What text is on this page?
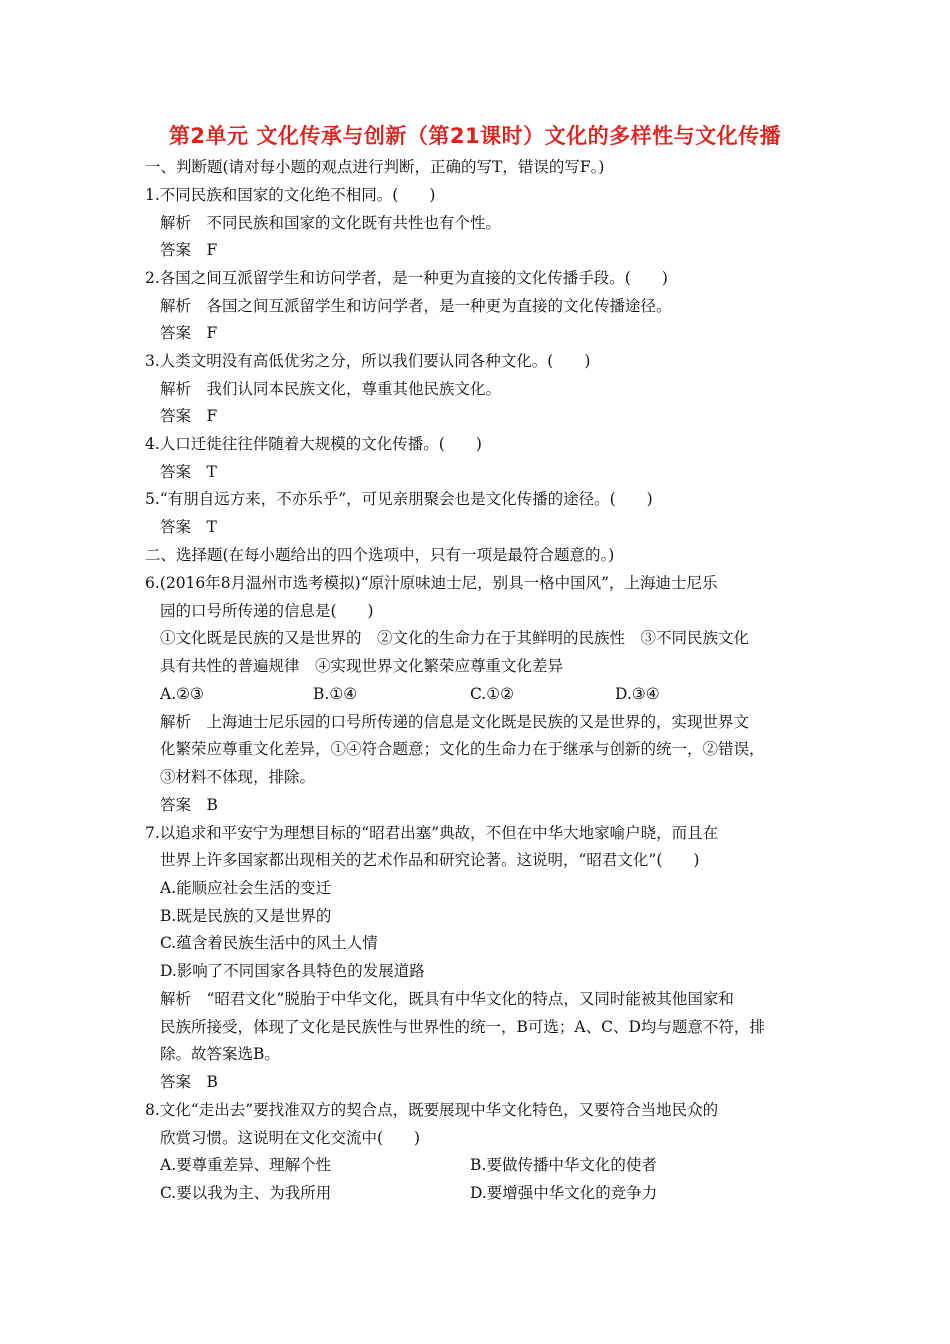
第2单元 文化传承与创新（第21课时）文化的多样性与文化传播
一、判断题(请对每小题的观点进行判断，正确的写T，错误的写F。)
1.不同民族和国家的文化绝不相同。(　　)
解析　不同民族和国家的文化既有共性也有个性。
答案　F
2.各国之间互派留学生和访问学者，是一种更为直接的文化传播手段。(　　)
解析　各国之间互派留学生和访问学者，是一种更为直接的文化传播途径。
答案　F
3.人类文明没有高低优劣之分，所以我们要认同各种文化。(　　)
解析　我们认同本民族文化，尊重其他民族文化。
答案　F
4.人口迁徙往往伴随着大规模的文化传播。(　　)
答案　T
5.“有朋自远方来，不亦乐乎”，可见亲朋聚会也是文化传播的途径。(　　)
答案　T
二、选择题(在每小题给出的四个选项中，只有一项是最符合题意的。)
6.(2016年8月温州市选考模拟)“原汁原味迪士尼，别具一格中国风”，上海迪士尼乐
园的口号所传递的信息是(　　)
①文化既是民族的又是世界的　②文化的生命力在于其鲜明的民族性　③不同民族文化
具有共性的普遍规律　④实现世界文化繁荣应尊重文化差异
A.②③	B.①④	C.①②	D.③④
解析　上海迪士尼乐园的口号所传递的信息是文化既是民族的又是世界的，实现世界文
化繁荣应尊重文化差异，①④符合题意；文化的生命力在于继承与创新的统一，②错误，
③材料不体现，排除。
答案　B
7.以追求和平安宁为理想目标的“昭君出塞”典故，不但在中华大地家喻户晓，而且在
世界上许多国家都出现相关的艺术作品和研究论著。这说明，“昭君文化”(　　)
A.能顺应社会生活的变迁
B.既是民族的又是世界的
C.蕴含着民族生活中的风土人情
D.影响了不同国家各具特色的发展道路
解析　“昭君文化”脱胎于中华文化，既具有中华文化的特点，又同时能被其他国家和
民族所接受，体现了文化是民族性与世界性的统一，B可选；A、C、D均与题意不符，排
除。故答案选B。
答案　B
8.文化“走出去”要找准双方的契合点，既要展现中华文化特色，又要符合当地民众的
欣赏习惯。这说明在文化交流中(　　)
A.要尊重差异、理解个性	B.要做传播中华文化的使者
C.要以我为主、为我所用	D.要增强中华文化的竞争力
